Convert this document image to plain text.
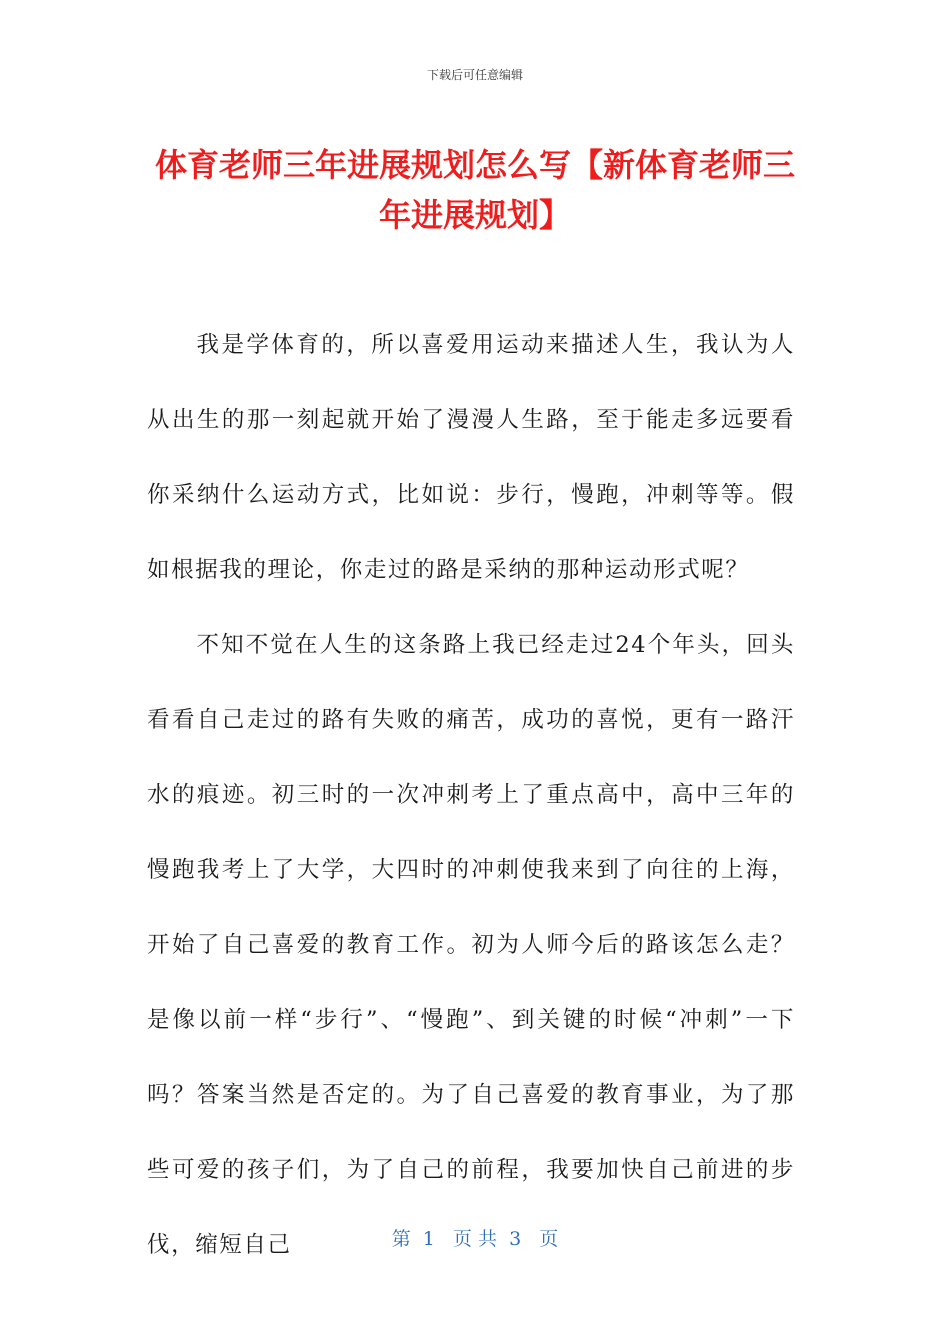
下载后可任意编辑
体育老师三年进展规划怎么写【新体育老师三年进展规划】

我是学体育的，所以喜爱用运动来描述人生，我认为人从出生的那一刻起就开始了漫漫人生路，至于能走多远要看你采纳什么运动方式，比如说：步行，慢跑，冲刺等等。假如根据我的理论，你走过的路是采纳的那种运动形式呢？

不知不觉在人生的这条路上我已经走过24个年头，回头看看自己走过的路有失败的痛苦，成功的喜悦，更有一路汗水的痕迹。初三时的一次冲刺考上了重点高中，高中三年的慢跑我考上了大学，大四时的冲刺使我来到了向往的上海，开始了自己喜爱的教育工作。初为人师今后的路该怎么走？是像以前一样“步行”、“慢跑”、到关键的时候“冲刺”一下吗？答案当然是否定的。为了自己喜爱的教育事业，为了那些可爱的孩子们，为了自己的前程，我要加快自己前进的步伐，缩短自己	第  1   页 共  3   页
